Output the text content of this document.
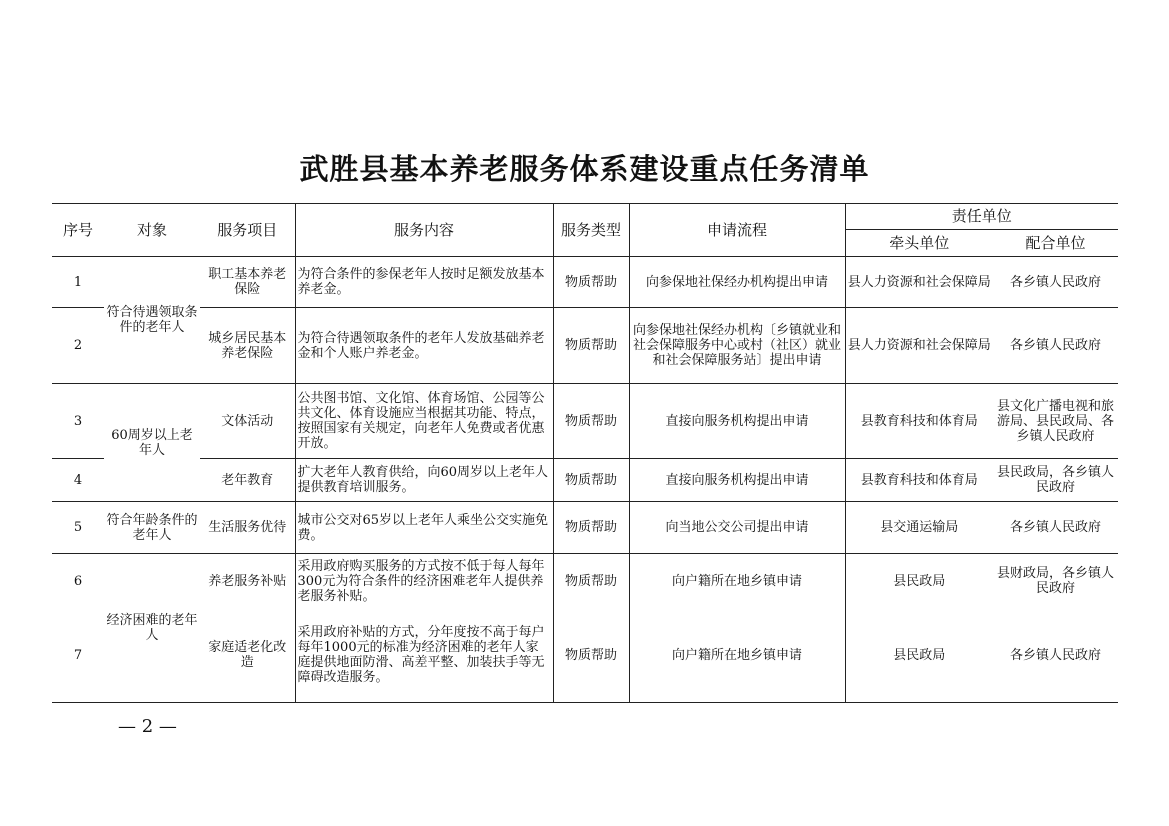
武胜县基本养老服务体系建设重点任务清单
序号	对象	服务项目	服务内容	服务类型	申请流程	责任单位	
						牵头单位	配合单位
1	符合待遇领取条件的老年人	职工基本养老保险	为符合条件的参保老年人按时足额发放基本养老金。	物质帮助	向参保地社保经办机构提出申请	县人力资源和社会保障局	各乡镇人民政府
2		城乡居民基本养老保险	为符合待遇领取条件的老年人发放基础养老金和个人账户养老金。	物质帮助	向参保地社保经办机构〔乡镇就业和社会保障服务中心或村（社区）就业和社会保障服务站〕提出申请	县人力资源和社会保障局	各乡镇人民政府
3	60周岁以上老年人	文体活动	公共图书馆、文化馆、体育场馆、公园等公共文化、体育设施应当根据其功能、特点，按照国家有关规定，向老年人免费或者优惠开放。	物质帮助	直接向服务机构提出申请	县教育科技和体育局	县文化广播电视和旅游局、县民政局、各乡镇人民政府
4		老年教育	扩大老年人教育供给，向60周岁以上老年人提供教育培训服务。	物质帮助	直接向服务机构提出申请	县教育科技和体育局	县民政局，各乡镇人民政府
5	符合年龄条件的老年人	生活服务优待	城市公交对65岁以上老年人乘坐公交实施免费。	物质帮助	向当地公交公司提出申请	县交通运输局	各乡镇人民政府
6	经济困难的老年人	养老服务补贴	采用政府购买服务的方式按不低于每人每年300元为符合条件的经济困难老年人提供养老服务补贴。	物质帮助	向户籍所在地乡镇申请	县民政局	县财政局，各乡镇人民政府
7		家庭适老化改造	采用政府补贴的方式，分年度按不高于每户每年1000元的标准为经济困难的老年人家庭提供地面防滑、高差平整、加装扶手等无障碍改造服务。	物质帮助	向户籍所在地乡镇申请	县民政局	各乡镇人民政府
— 2 —
